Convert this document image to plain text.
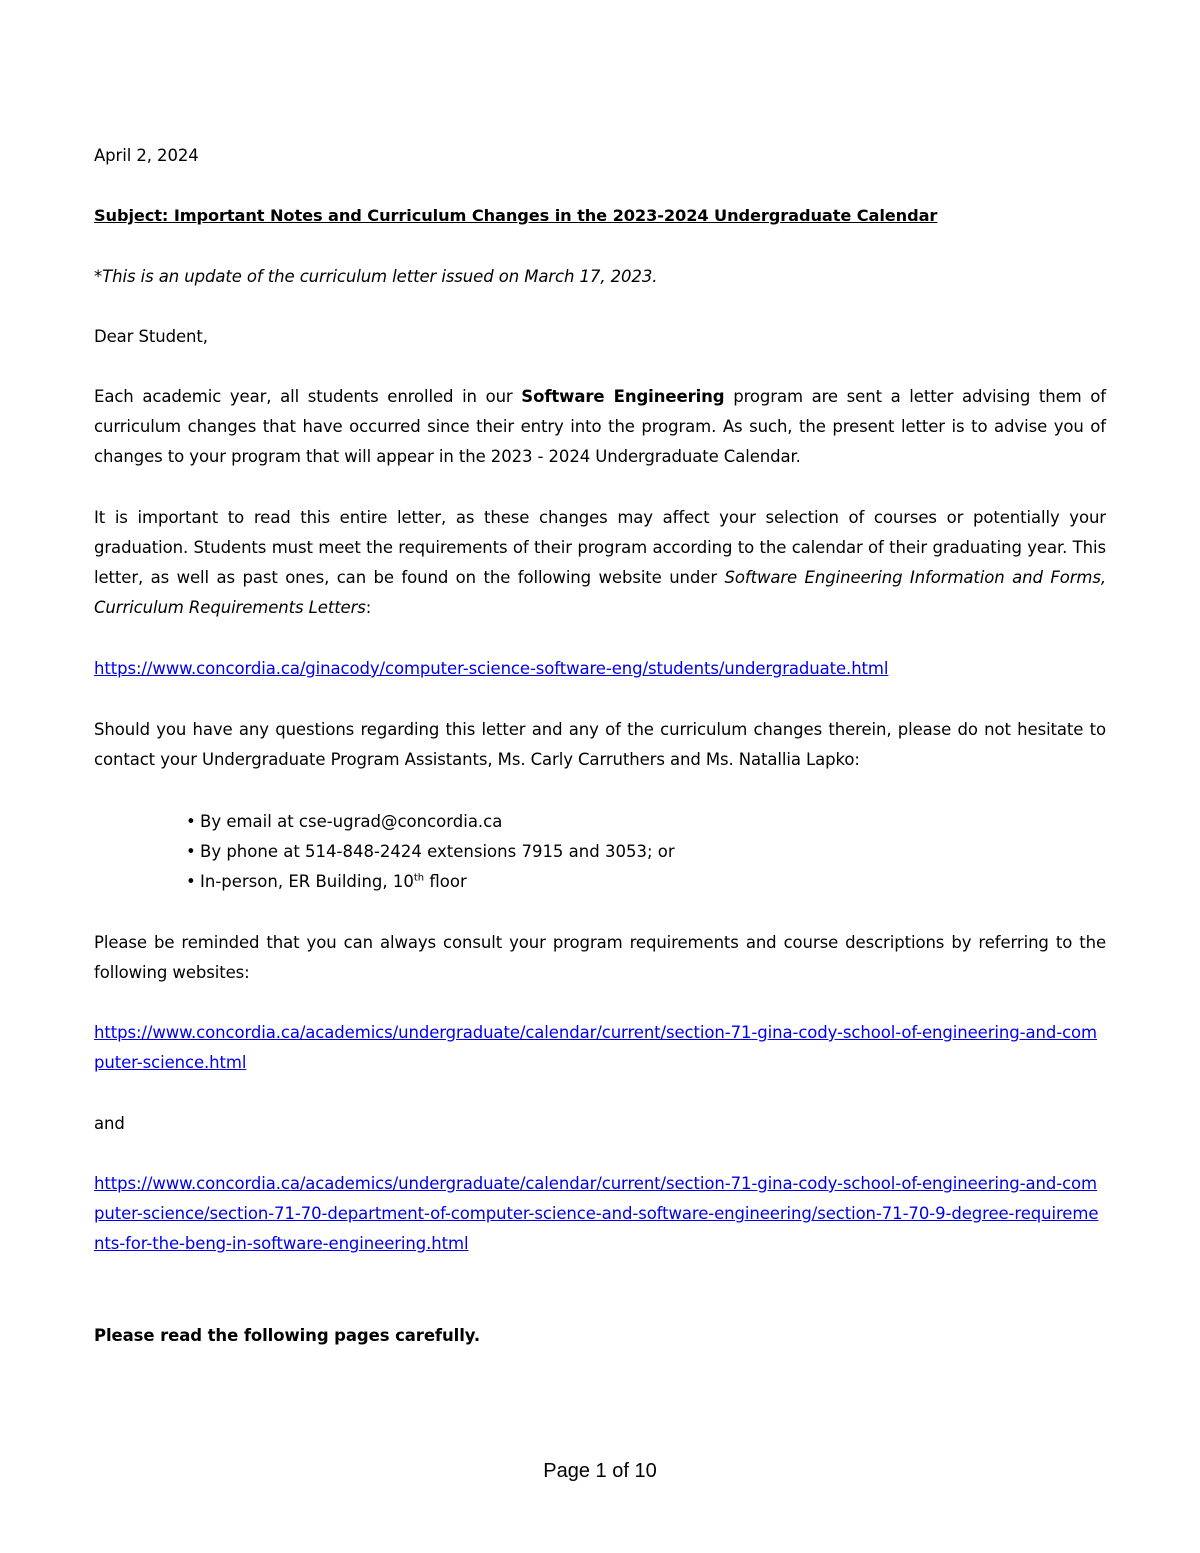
April 2, 2024

Subject: Important Notes and Curriculum Changes in the 2023-2024 Undergraduate Calendar

*This is an update of the curriculum letter issued on March 17, 2023.

Dear Student,

Each academic year, all students enrolled in our Software Engineering program are sent a letter advising them of curriculum changes that have occurred since their entry into the program. As such, the present letter is to advise you of changes to your program that will appear in the 2023 - 2024 Undergraduate Calendar.

It is important to read this entire letter, as these changes may affect your selection of courses or potentially your graduation. Students must meet the requirements of their program according to the calendar of their graduating year. This letter, as well as past ones, can be found on the following website under Software Engineering Information and Forms, Curriculum Requirements Letters:

https://www.concordia.ca/ginacody/computer-science-software-eng/students/undergraduate.html

Should you have any questions regarding this letter and any of the curriculum changes therein, please do not hesitate to contact your Undergraduate Program Assistants, Ms. Carly Carruthers and Ms. Natallia Lapko:

• By email at cse-ugrad@concordia.ca
• By phone at 514-848-2424 extensions 7915 and 3053; or
• In-person, ER Building, 10th floor

Please be reminded that you can always consult your program requirements and course descriptions by referring to the following websites:

https://www.concordia.ca/academics/undergraduate/calendar/current/section-71-gina-cody-school-of-engineering-and-computer-science.html

and

https://www.concordia.ca/academics/undergraduate/calendar/current/section-71-gina-cody-school-of-engineering-and-computer-science/section-71-70-department-of-computer-science-and-software-engineering/section-71-70-9-degree-requirements-for-the-beng-in-software-engineering.html

Please read the following pages carefully.

Page 1 of 10
